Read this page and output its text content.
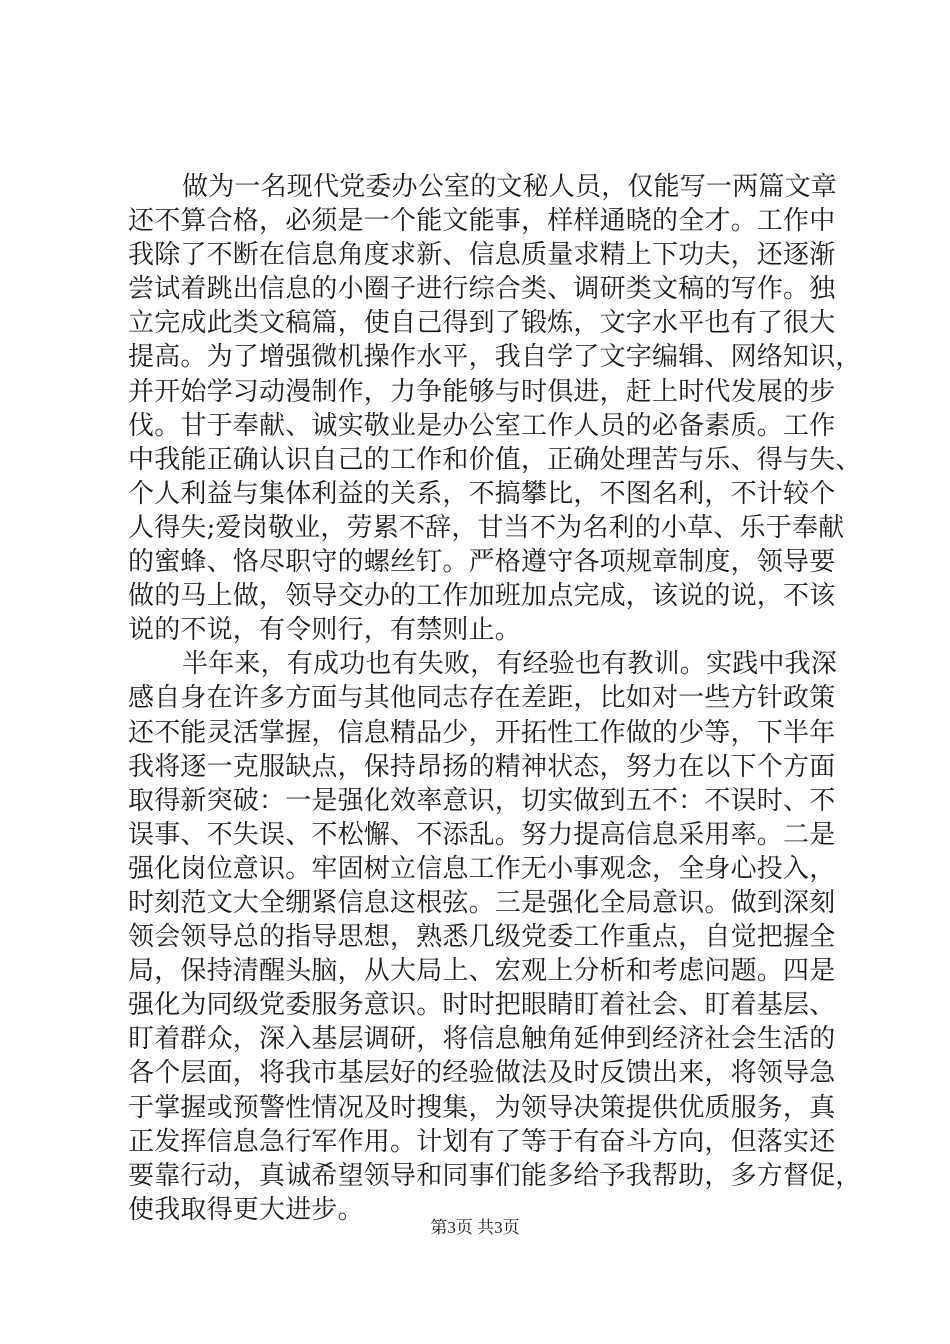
做为一名现代党委办公室的文秘人员，仅能写一两篇文章
还不算合格，必须是一个能文能事，样样通晓的全才。工作中
我除了不断在信息角度求新、信息质量求精上下功夫，还逐渐
尝试着跳出信息的小圈子进行综合类、调研类文稿的写作。独
立完成此类文稿篇，使自己得到了锻炼，文字水平也有了很大
提高。为了增强微机操作水平，我自学了文字编辑、网络知识，
并开始学习动漫制作，力争能够与时俱进，赶上时代发展的步
伐。甘于奉献、诚实敬业是办公室工作人员的必备素质。工作
中我能正确认识自己的工作和价值，正确处理苦与乐、得与失、
个人利益与集体利益的关系，不搞攀比，不图名利，不计较个
人得失;爱岗敬业，劳累不辞，甘当不为名利的小草、乐于奉献
的蜜蜂、恪尽职守的螺丝钉。严格遵守各项规章制度，领导要
做的马上做，领导交办的工作加班加点完成，该说的说，不该
说的不说，有令则行，有禁则止。
半年来，有成功也有失败，有经验也有教训。实践中我深
感自身在许多方面与其他同志存在差距，比如对一些方针政策
还不能灵活掌握，信息精品少，开拓性工作做的少等，下半年
我将逐一克服缺点，保持昂扬的精神状态，努力在以下个方面
取得新突破：一是强化效率意识，切实做到五不：不误时、不
误事、不失误、不松懈、不添乱。努力提高信息采用率。二是
强化岗位意识。牢固树立信息工作无小事观念，全身心投入，
时刻范文大全绷紧信息这根弦。三是强化全局意识。做到深刻
领会领导总的指导思想，熟悉几级党委工作重点，自觉把握全
局，保持清醒头脑，从大局上、宏观上分析和考虑问题。四是
强化为同级党委服务意识。时时把眼睛盯着社会、盯着基层、
盯着群众，深入基层调研，将信息触角延伸到经济社会生活的
各个层面，将我市基层好的经验做法及时反馈出来，将领导急
于掌握或预警性情况及时搜集，为领导决策提供优质服务，真
正发挥信息急行军作用。计划有了等于有奋斗方向，但落实还
要靠行动，真诚希望领导和同事们能多给予我帮助，多方督促，
使我取得更大进步。
第3页 共3页
